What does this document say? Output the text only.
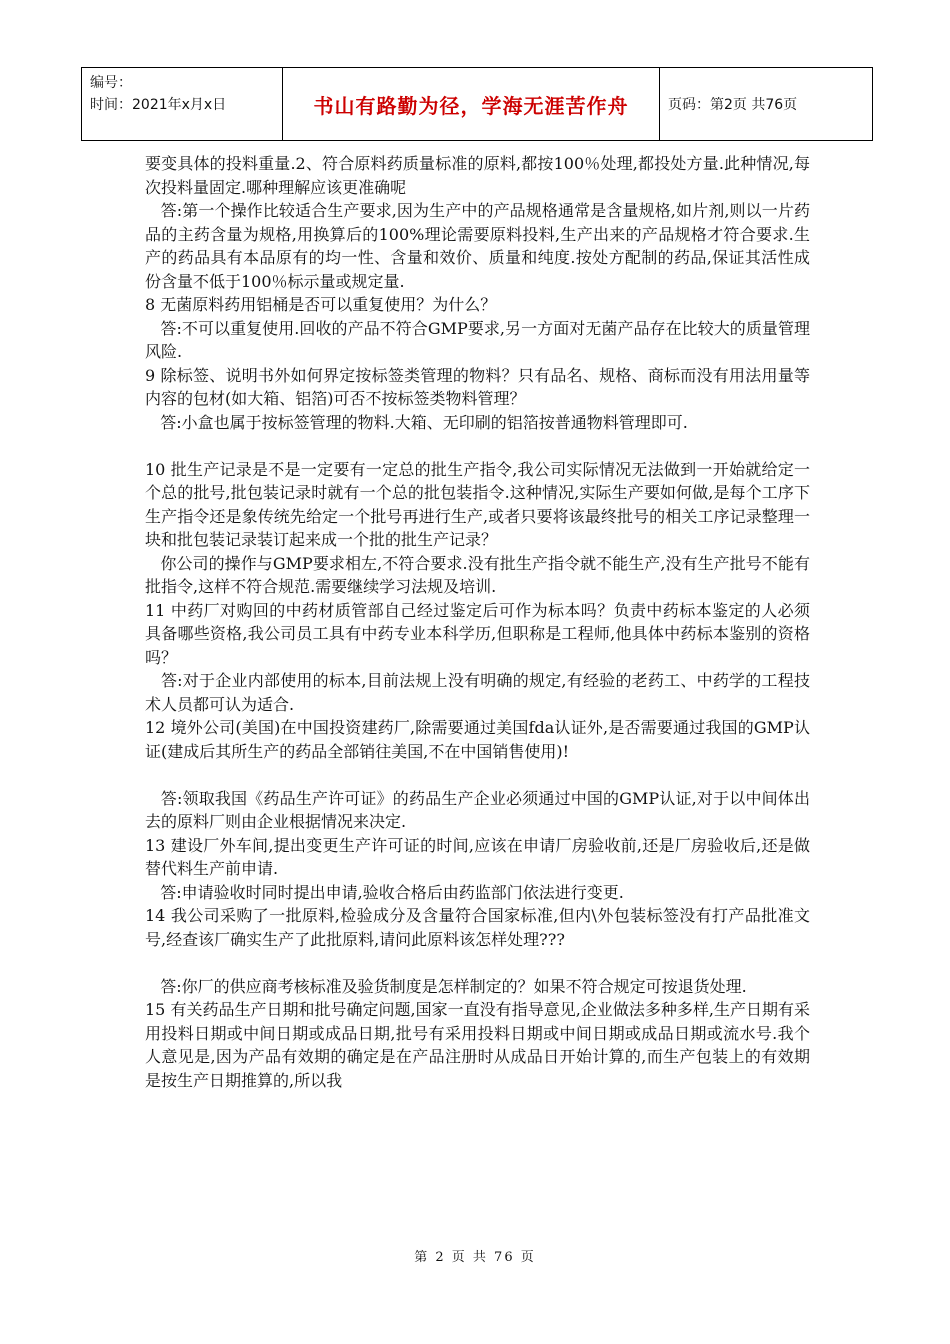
编号：
时间：2021年x月x日	书山有路勤为径，学海无涯苦作舟	页码：第2页 共76页

要变具体的投料重量.2、符合原料药质量标准的原料,都按100％处理,都投处方量.此种情况,每次投料量固定.哪种理解应该更准确呢

答:第一个操作比较适合生产要求,因为生产中的产品规格通常是含量规格,如片剂,则以一片药品的主药含量为规格,用换算后的100%理论需要原料投料,生产出来的产品规格才符合要求.生产的药品具有本品原有的均一性、含量和效价、质量和纯度.按处方配制的药品,保证其活性成份含量不低于100％标示量或规定量.

8 无菌原料药用铝桶是否可以重复使用？为什么？

答:不可以重复使用.回收的产品不符合GMP要求,另一方面对无菌产品存在比较大的质量管理风险.

9 除标签、说明书外如何界定按标签类管理的物料？只有品名、规格、商标而没有用法用量等内容的包材(如大箱、铝箔)可否不按标签类物料管理？

答:小盒也属于按标签管理的物料.大箱、无印刷的铝箔按普通物料管理即可.

10 批生产记录是不是一定要有一定总的批生产指令,我公司实际情况无法做到一开始就给定一个总的批号,批包装记录时就有一个总的批包装指令.这种情况,实际生产要如何做,是每个工序下生产指令还是象传统先给定一个批号再进行生产,或者只要将该最终批号的相关工序记录整理一块和批包装记录装订起来成一个批的批生产记录？

你公司的操作与GMP要求相左,不符合要求.没有批生产指令就不能生产,没有生产批号不能有批指令,这样不符合规范.需要继续学习法规及培训.

11 中药厂对购回的中药材质管部自己经过鉴定后可作为标本吗？负责中药标本鉴定的人必须具备哪些资格,我公司员工具有中药专业本科学历,但职称是工程师,他具体中药标本鉴别的资格吗？

答:对于企业内部使用的标本,目前法规上没有明确的规定,有经验的老药工、中药学的工程技术人员都可认为适合.

12 境外公司(美国)在中国投资建药厂,除需要通过美国fda认证外,是否需要通过我国的GMP认证(建成后其所生产的药品全部销往美国,不在中国销售使用)!

答:领取我国《药品生产许可证》的药品生产企业必须通过中国的GMP认证,对于以中间体出去的原料厂则由企业根据情况来决定.

13 建设厂外车间,提出变更生产许可证的时间,应该在申请厂房验收前,还是厂房验收后,还是做替代料生产前申请.

答:申请验收时同时提出申请,验收合格后由药监部门依法进行变更.

14 我公司采购了一批原料,检验成分及含量符合国家标准,但内\外包装标签没有打产品批准文号,经查该厂确实生产了此批原料,请问此原料该怎样处理???

答:你厂的供应商考核标准及验货制度是怎样制定的？如果不符合规定可按退货处理.

15 有关药品生产日期和批号确定问题,国家一直没有指导意见,企业做法多种多样,生产日期有采用投料日期或中间日期或成品日期,批号有采用投料日期或中间日期或成品日期或流水号.我个人意见是,因为产品有效期的确定是在产品注册时从成品日开始计算的,而生产包装上的有效期是按生产日期推算的,所以我

第 2 页 共 76 页
